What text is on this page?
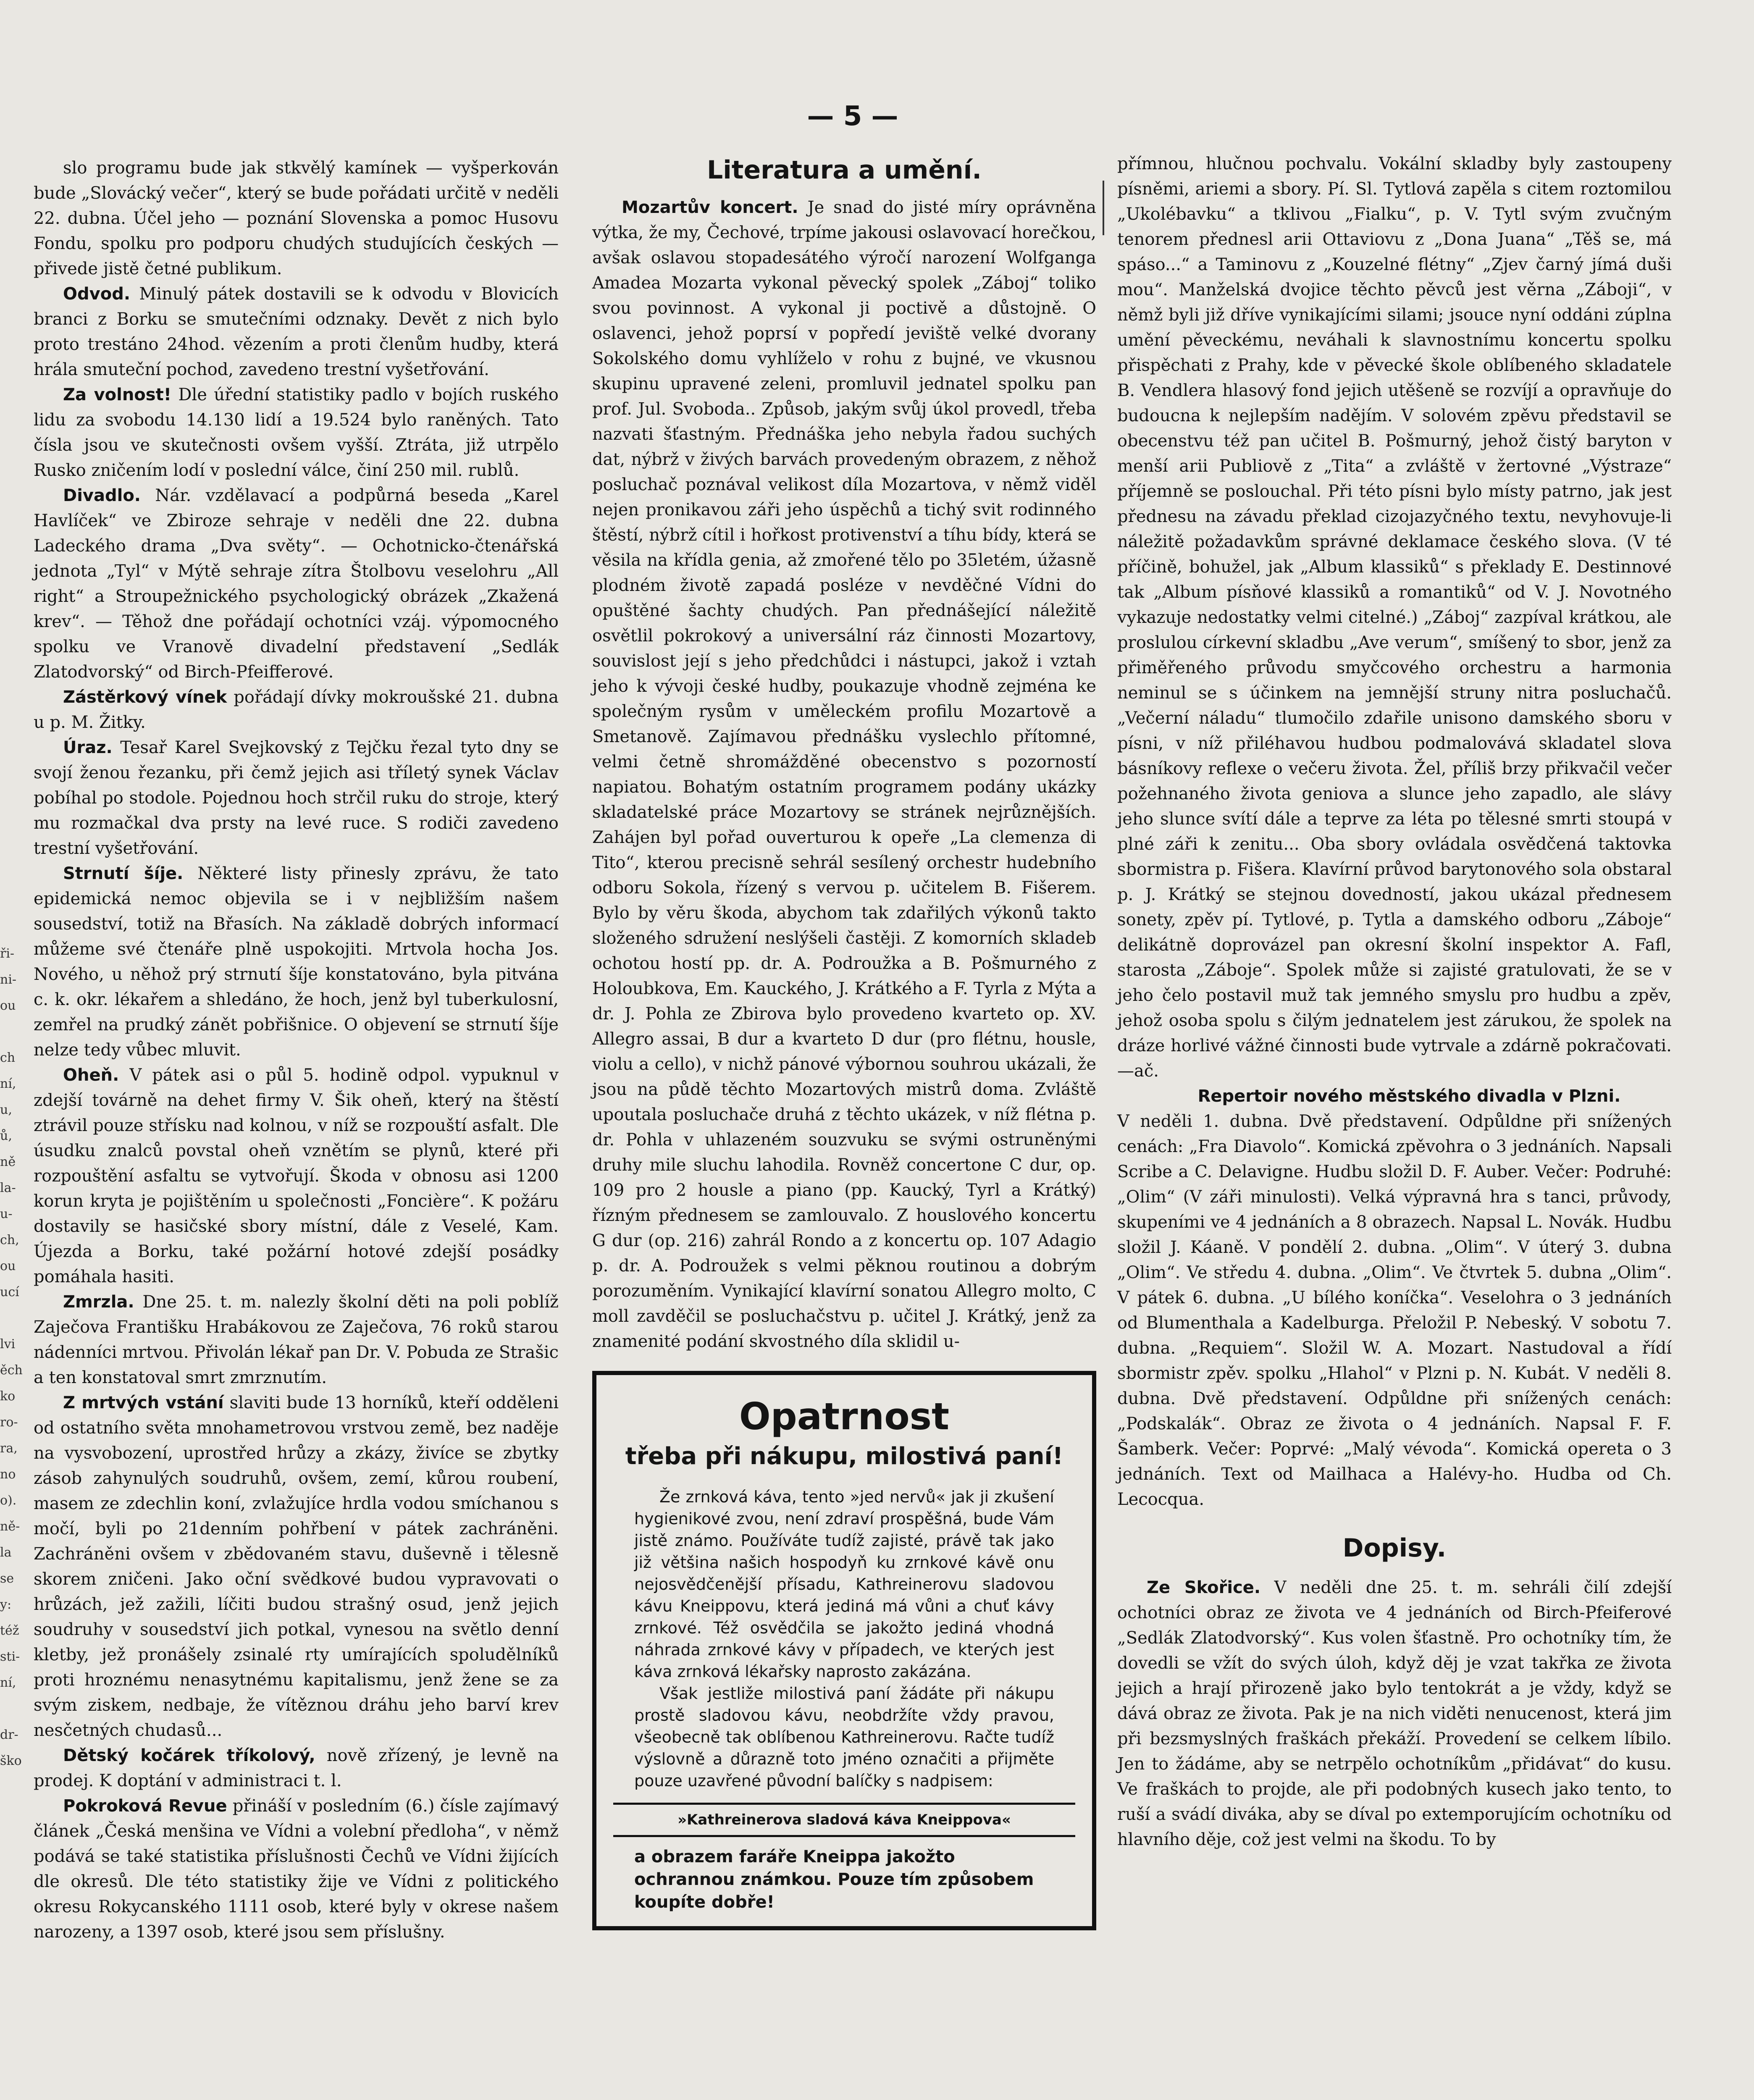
— 5 —
ři-
ni-
ou

ch
ní,
u,
ů,
ně
la-
u-
ch,
ou
ucí

lvi
ěch
ko
ro-
ra,
no
o).
ně-
la
se
y:
též
sti-
ní,

dr-
ško

slo programu bude jak stkvělý kamínek — vyšperkován bude „Slovácký večer“, který se bude pořádati určitě v neděli 22. dubna. Účel jeho — poznání Slovenska a pomoc Husovu Fondu, spolku pro podporu chudých studujících českých — přivede jistě četné publikum.

Odvod. Minulý pátek dostavili se k odvodu v Blovicích branci z Borku se smutečními odznaky. Devět z nich bylo proto trestáno 24hod. vězením a proti členům hudby, která hrála smuteční pochod, zavedeno trestní vyšetřování.

Za volnost! Dle úřední statistiky padlo v bojích ruského lidu za svobodu 14.130 lidí a 19.524 bylo raněných. Tato čísla jsou ve skutečnosti ovšem vyšší. Ztráta, již utrpělo Rusko zničením lodí v poslední válce, činí 250 mil. rublů.

Divadlo. Nár. vzdělavací a podpůrná beseda „Karel Havlíček“ ve Zbiroze sehraje v neděli dne 22. dubna Ladeckého drama „Dva světy“. — Ochotnicko-čtenářská jednota „Tyl“ v Mýtě sehraje zítra Štolbovu veselohru „All right“ a Stroupežnického psychologický obrázek „Zkažená krev“. — Těhož dne pořádají ochotníci vzáj. výpomocného spolku ve Vranově divadelní představení „Sedlák Zlatodvorský“ od Birch-Pfeifferové.

Zástěrkový vínek pořádají dívky mokroušské 21. dubna u p. M. Žitky.

Úraz. Tesař Karel Svejkovský z Tejčku řezal tyto dny se svojí ženou řezanku, při čemž jejich asi tříletý synek Václav pobíhal po stodole. Pojednou hoch strčil ruku do stroje, který mu rozmačkal dva prsty na levé ruce. S rodiči zavedeno trestní vyšetřování.

Strnutí šíje. Některé listy přinesly zprávu, že tato epidemická nemoc objevila se i v nejbližším našem sousedství, totiž na Břasích. Na základě dobrých informací můžeme své čtenáře plně uspokojiti. Mrtvola hocha Jos. Nového, u něhož prý strnutí šíje konstatováno, byla pitvána c. k. okr. lékařem a shledáno, že hoch, jenž byl tuberkulosní, zemřel na prudký zánět pobřišnice. O objevení se strnutí šíje nelze tedy vůbec mluvit.

Oheň. V pátek asi o půl 5. hodině odpol. vypuknul v zdejší továrně na dehet firmy V. Šik oheň, který na štěstí ztrávil pouze střísku nad kolnou, v níž se rozpouští asfalt. Dle úsudku znalců povstal oheň vznětím se plynů, které při rozpouštění asfaltu se vytvořují. Škoda v obnosu asi 1200 korun kryta je pojištěním u společnosti „Foncière“. K požáru dostavily se hasičské sbory místní, dále z Veselé, Kam. Újezda a Borku, také požární hotové zdejší posádky pomáhala hasiti.

Zmrzla. Dne 25. t. m. nalezly školní děti na poli poblíž Zaječova Františku Hrabákovou ze Zaječova, 76 roků starou nádenníci mrtvou. Přivolán lékař pan Dr. V. Pobuda ze Strašic a ten konstatoval smrt zmrznutím.

Z mrtvých vstání slaviti bude 13 horníků, kteří odděleni od ostatního světa mnohametrovou vrstvou země, bez naděje na vysvobození, uprostřed hrůzy a zkázy, živíce se zbytky zásob zahynulých soudruhů, ovšem, zemí, kůrou roubení, masem ze zdechlin koní, zvlažujíce hrdla vodou smíchanou s močí, byli po 21denním pohřbení v pátek zachráněni. Zachráněni ovšem v zbědovaném stavu, duševně i tělesně skorem zničeni. Jako oční svědkové budou vypravovati o hrůzách, jež zažili, líčiti budou strašný osud, jenž jejich soudruhy v sousedství jich potkal, vynesou na světlo denní kletby, jež pronášely zsinalé rty umírajících spoludělníků proti hroznému nenasytnému kapitalismu, jenž žene se za svým ziskem, nedbaje, že vítěznou dráhu jeho barví krev nesčetných chudasů...

Dětský kočárek tříkolový, nově zřízený, je levně na prodej. K doptání v administraci t. l.

Pokroková Revue přináší v posledním (6.) čísle zajímavý článek „Česká menšina ve Vídni a volební předloha“, v němž podává se také statistika příslušnosti Čechů ve Vídni žijících dle okresů. Dle této statistiky žije ve Vídni z politického okresu Rokycanského 1111 osob, které byly v okrese našem narozeny, a 1397 osob, které jsou sem příslušny.

Literatura a umění.

Mozartův koncert. Je snad do jisté míry oprávněna výtka, že my, Čechové, trpíme jakousi oslavovací horečkou, avšak oslavou stopadesátého výročí narození Wolfganga Amadea Mozarta vykonal pěvecký spolek „Záboj“ toliko svou povinnost. A vykonal ji poctivě a důstojně. O oslavenci, jehož poprsí v popředí jeviště velké dvorany Sokolského domu vyhlíželo v rohu z bujné, ve vkusnou skupinu upravené zeleni, promluvil jednatel spolku pan prof. Jul. Svoboda.. Způsob, jakým svůj úkol provedl, třeba nazvati šťastným. Přednáška jeho nebyla řadou suchých dat, nýbrž v živých barvách provedeným obrazem, z něhož posluchač poznával velikost díla Mozartova, v němž viděl nejen pronikavou záři jeho úspěchů a tichý svit rodinného štěstí, nýbrž cítil i hořkost protivenství a tíhu bídy, která se věsila na křídla genia, až zmořené tělo po 35letém, úžasně plodném životě zapadá posléze v nevděčné Vídni do opuštěné šachty chudých. Pan přednášející náležitě osvětlil pokrokový a universální ráz činnosti Mozartovy, souvislost její s jeho předchůdci i nástupci, jakož i vztah jeho k vývoji české hudby, poukazuje vhodně zejména ke společným rysům v uměleckém profilu Mozartově a Smetanově. Zajímavou přednášku vyslechlo přítomné, velmi četně shromážděné obecenstvo s pozorností napiatou. Bohatým ostatním programem podány ukázky skladatelské práce Mozartovy se stránek nejrůznějších. Zahájen byl pořad ouverturou k opeře „La clemenza di Tito“, kterou precisně sehrál sesílený orchestr hudebního odboru Sokola, řízený s vervou p. učitelem B. Fišerem. Bylo by věru škoda, abychom tak zdařilých výkonů takto složeného sdružení neslýšeli častěji. Z komorních skladeb ochotou hostí pp. dr. A. Podroužka a B. Pošmurného z Holoubkova, Em. Kauckého, J. Krátkého a F. Tyrla z Mýta a dr. J. Pohla ze Zbirova bylo provedeno kvarteto op. XV. Allegro assai, B dur a kvarteto D dur (pro flétnu, housle, violu a cello), v nichž pánové výbornou souhrou ukázali, že jsou na půdě těchto Mozartových mistrů doma. Zvláště upoutala posluchače druhá z těchto ukázek, v níž flétna p. dr. Pohla v uhlazeném souzvuku se svými ostruněnými druhy mile sluchu lahodila. Rovněž concertone C dur, op. 109 pro 2 housle a piano (pp. Kaucký, Tyrl a Krátký) řízným přednesem se zamlouvalo. Z houslového koncertu G dur (op. 216) zahrál Rondo a z koncertu op. 107 Adagio p. dr. A. Podroužek s velmi pěknou routinou a dobrým porozuměním. Vynikající klavírní sonatou Allegro molto, C moll zavděčil se posluchačstvu p. učitel J. Krátký, jenž za znamenité podání skvostného díla sklidil u-

Opatrnost
třeba při nákupu, milostivá paní!

Že zrnková káva, tento »jed nervů« jak ji zkušení hygienikové zvou, není zdraví prospěšná, bude Vám jistě známo. Používáte tudíž zajisté, právě tak jako již většina našich hospodyň ku zrnkové kávě onu nejosvědčenější přísadu, Kathreinerovu sladovou kávu Kneippovu, která jediná má vůni a chuť kávy zrnkové. Též osvědčila se jakožto jediná vhodná náhrada zrnkové kávy v případech, ve kterých jest káva zrnková lékařsky naprosto zakázána.

Však jestliže milostivá paní žádáte při nákupu prostě sladovou kávu, neobdržíte vždy pravou, všeobecně tak oblíbenou Kathreinerovu. Račte tudíž výslovně a důrazně toto jméno označiti a přijměte pouze uzavřené původní balíčky s nadpisem:

»Kathreinerova sladová káva Kneippova«
a obrazem faráře Kneippa jakožto ochrannou známkou. Pouze tím způsobem koupíte dobře!

přímnou, hlučnou pochvalu. Vokální skladby byly zastoupeny písněmi, ariemi a sbory. Pí. Sl. Tytlová zapěla s citem roztomilou „Ukolébavku“ a tklivou „Fialku“, p. V. Tytl svým zvučným tenorem přednesl arii Ottaviovu z „Dona Juana“ „Těš se, má spáso...“ a Taminovu z „Kouzelné flétny“ „Zjev čarný jímá duši mou“. Manželská dvojice těchto pěvců jest věrna „Záboji“, v němž byli již dříve vynikajícími silami; jsouce nyní oddáni zúplna umění pěveckému, neváhali k slavnostnímu koncertu spolku přispěchati z Prahy, kde v pěvecké škole oblíbeného skladatele B. Vendlera hlasový fond jejich utěšeně se rozvíjí a opravňuje do budoucna k nejlepším nadějím. V solovém zpěvu představil se obecenstvu též pan učitel B. Pošmurný, jehož čistý baryton v menší arii Publiově z „Tita“ a zvláště v žertovné „Výstraze“ příjemně se poslouchal. Při této písni bylo místy patrno, jak jest přednesu na závadu překlad cizojazyčného textu, nevyhovuje-li náležitě požadavkům správné deklamace českého slova. (V té příčině, bohužel, jak „Album klassiků“ s překlady E. Destinnové tak „Album písňové klassiků a romantiků“ od V. J. Novotného vykazuje nedostatky velmi citelné.) „Záboj“ zazpíval krátkou, ale proslulou církevní skladbu „Ave verum“, smíšený to sbor, jenž za přiměřeného průvodu smyčcového orchestru a harmonia neminul se s účinkem na jemnější struny nitra posluchačů. „Večerní náladu“ tlumočilo zdařile unisono damského sboru v písni, v níž přiléhavou hudbou podmalovává skladatel slova básníkovy reflexe o večeru života. Žel, příliš brzy přikvačil večer požehnaného života geniova a slunce jeho zapadlo, ale slávy jeho slunce svítí dále a teprve za léta po tělesné smrti stoupá v plné záři k zenitu... Oba sbory ovládala osvědčená taktovka sbormistra p. Fišera. Klavírní průvod barytonového sola obstaral p. J. Krátký se stejnou dovedností, jakou ukázal přednesem sonety, zpěv pí. Tytlové, p. Tytla a damského odboru „Záboje“ delikátně doprovázel pan okresní školní inspektor A. Fafl, starosta „Záboje“. Spolek může si zajisté gratulovati, že se v jeho čelo postavil muž tak jemného smyslu pro hudbu a zpěv, jehož osoba spolu s čilým jednatelem jest zárukou, že spolek na dráze horlivé vážné činnosti bude vytrvale a zdárně pokračovati. —ač.

Repertoir nového městského divadla v Plzni.
V neděli 1. dubna. Dvě představení. Odpůldne při snížených cenách: „Fra Diavolo“. Komická zpěvohra o 3 jednáních. Napsali Scribe a C. Delavigne. Hudbu složil D. F. Auber. Večer: Podruhé: „Olim“ (V záři minulosti). Velká výpravná hra s tanci, průvody, skupeními ve 4 jednáních a 8 obrazech. Napsal L. Novák. Hudbu složil J. Káaně. V pondělí 2. dubna. „Olim“. V úterý 3. dubna „Olim“. Ve středu 4. dubna. „Olim“. Ve čtvrtek 5. dubna „Olim“. V pátek 6. dubna. „U bílého koníčka“. Veselohra o 3 jednáních od Blumenthala a Kadelburga. Přeložil P. Nebeský. V sobotu 7. dubna. „Requiem“. Složil W. A. Mozart. Nastudoval a řídí sbormistr zpěv. spolku „Hlahol“ v Plzni p. N. Kubát. V neděli 8. dubna. Dvě představení. Odpůldne při snížených cenách: „Podskalák“. Obraz ze života o 4 jednáních. Napsal F. F. Šamberk. Večer: Poprvé: „Malý vévoda“. Komická opereta o 3 jednáních. Text od Mailhaca a Halévy-ho. Hudba od Ch. Lecocqua.

Dopisy.

Ze Skořice. V neděli dne 25. t. m. sehráli čilí zdejší ochotníci obraz ze života ve 4 jednáních od Birch-Pfeiferové „Sedlák Zlatodvorský“. Kus volen šťastně. Pro ochotníky tím, že dovedli se vžít do svých úloh, když děj je vzat takřka ze života jejich a hrají přirozeně jako bylo tentokrát a je vždy, když se dává obraz ze života. Pak je na nich viděti nenucenost, která jim při bezsmyslných fraškách překáží. Provedení se celkem líbilo. Jen to žádáme, aby se netrpělo ochotníkům „přidávat“ do kusu. Ve fraškách to projde, ale při podobných kusech jako tento, to ruší a svádí diváka, aby se díval po extemporujícím ochotníku od hlavního děje, což jest velmi na škodu. To by
